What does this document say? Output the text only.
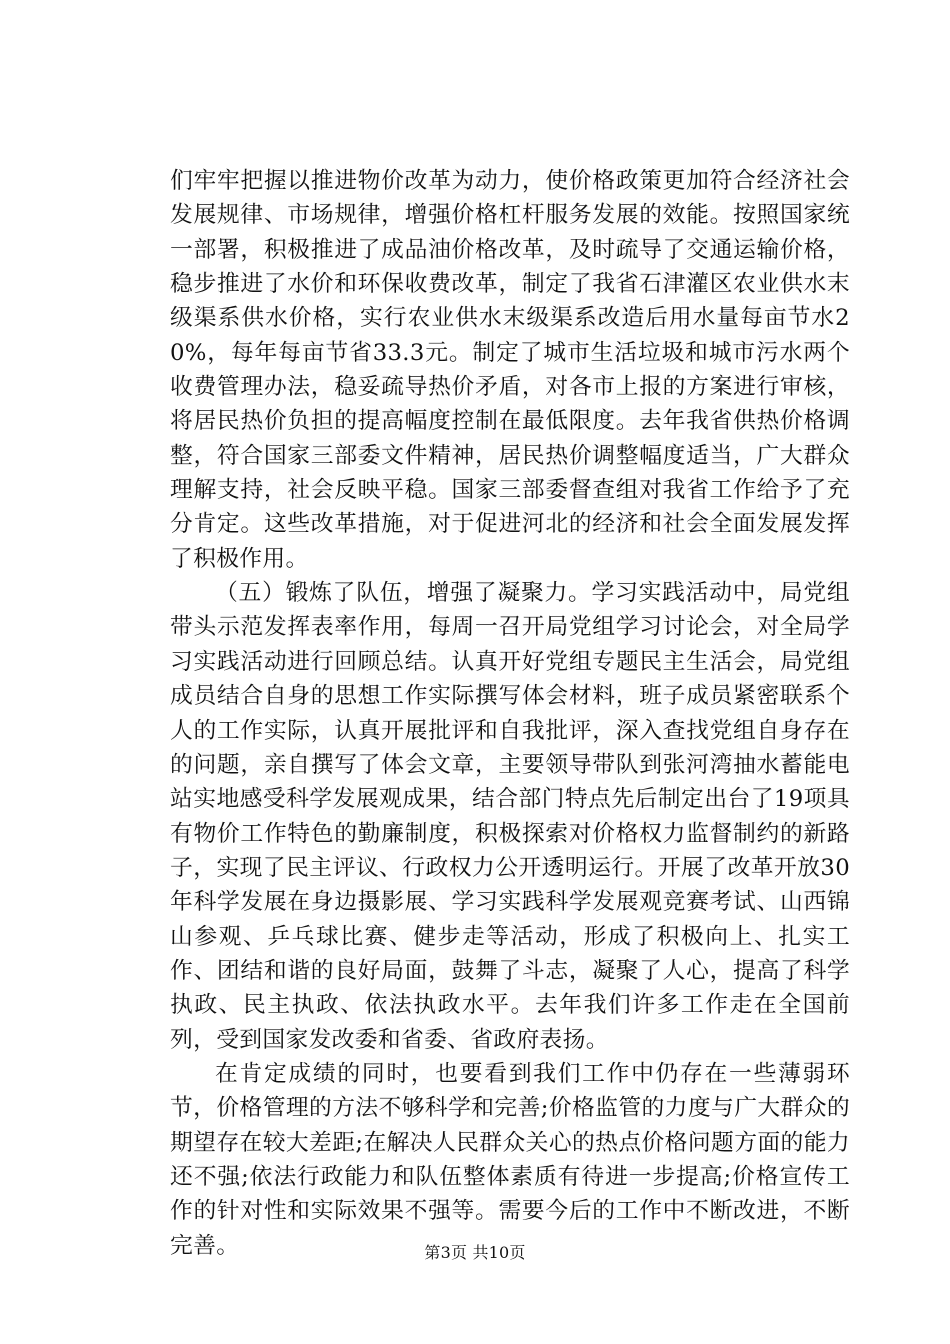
们牢牢把握以推进物价改革为动力，使价格政策更加符合经济社会发展规律、市场规律，增强价格杠杆服务发展的效能。按照国家统一部署，积极推进了成品油价格改革，及时疏导了交通运输价格，稳步推进了水价和环保收费改革，制定了我省石津灌区农业供水末级渠系供水价格，实行农业供水末级渠系改造后用水量每亩节水20%，每年每亩节省33.3元。制定了城市生活垃圾和城市污水两个收费管理办法，稳妥疏导热价矛盾，对各市上报的方案进行审核，将居民热价负担的提高幅度控制在最低限度。去年我省供热价格调整，符合国家三部委文件精神，居民热价调整幅度适当，广大群众理解支持，社会反映平稳。国家三部委督查组对我省工作给予了充分肯定。这些改革措施，对于促进河北的经济和社会全面发展发挥了积极作用。

（五）锻炼了队伍，增强了凝聚力。学习实践活动中，局党组带头示范发挥表率作用，每周一召开局党组学习讨论会，对全局学习实践活动进行回顾总结。认真开好党组专题民主生活会，局党组成员结合自身的思想工作实际撰写体会材料，班子成员紧密联系个人的工作实际，认真开展批评和自我批评，深入查找党组自身存在的问题，亲自撰写了体会文章，主要领导带队到张河湾抽水蓄能电站实地感受科学发展观成果，结合部门特点先后制定出台了19项具有物价工作特色的勤廉制度，积极探索对价格权力监督制约的新路子，实现了民主评议、行政权力公开透明运行。开展了改革开放30年科学发展在身边摄影展、学习实践科学发展观竞赛考试、山西锦山参观、乒乓球比赛、健步走等活动，形成了积极向上、扎实工作、团结和谐的良好局面，鼓舞了斗志，凝聚了人心，提高了科学执政、民主执政、依法执政水平。去年我们许多工作走在全国前列，受到国家发改委和省委、省政府表扬。

在肯定成绩的同时，也要看到我们工作中仍存在一些薄弱环节，价格管理的方法不够科学和完善;价格监管的力度与广大群众的期望存在较大差距;在解决人民群众关心的热点价格问题方面的能力还不强;依法行政能力和队伍整体素质有待进一步提高;价格宣传工作的针对性和实际效果不强等。需要今后的工作中不断改进，不断完善。	第3页 共10页
